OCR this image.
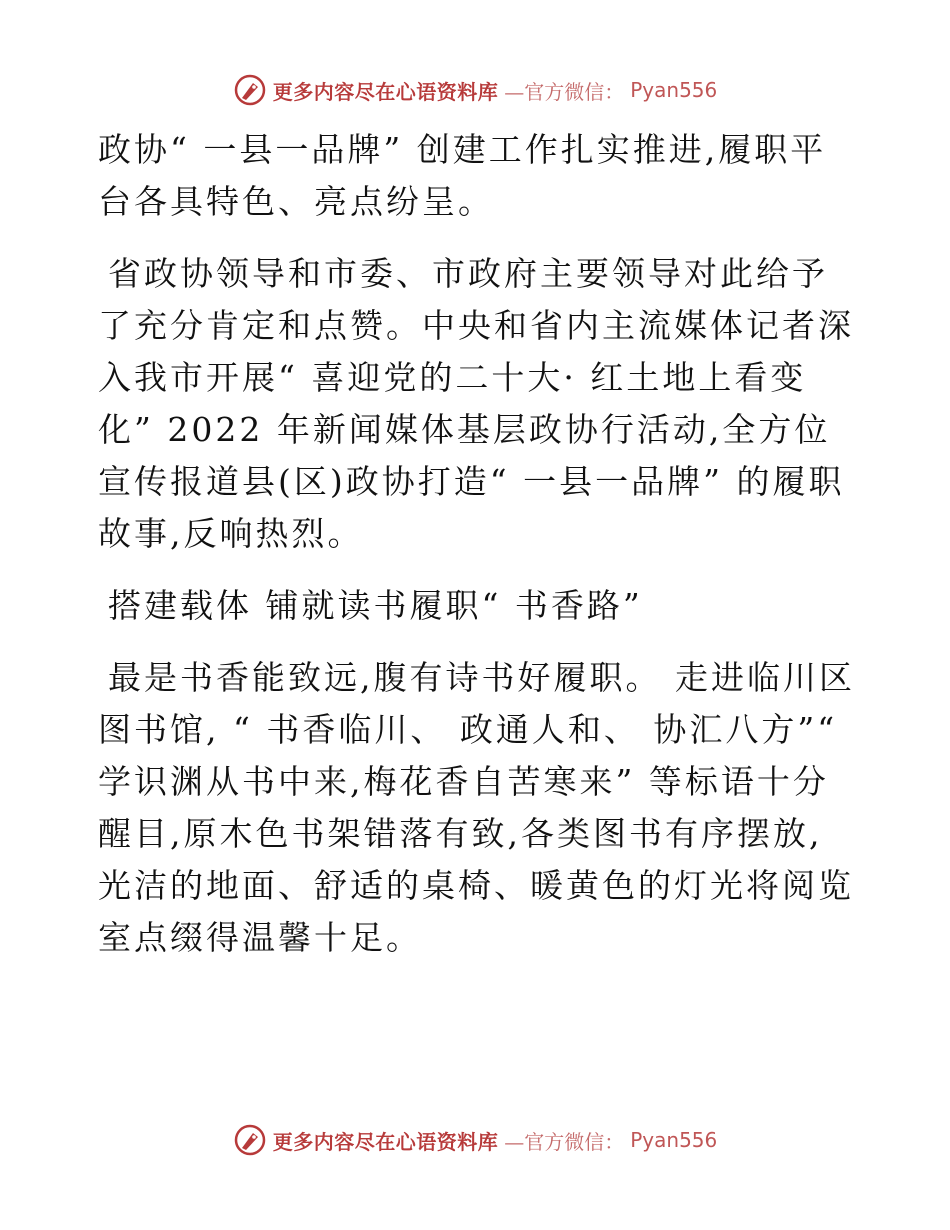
更多内容尽在心语资料库 —官方微信： Pyan556

政协“ 一县一品牌” 创建工作扎实推进,履职平台各具特色、亮点纷呈。

省政协领导和市委、市政府主要领导对此给予了充分肯定和点赞。中央和省内主流媒体记者深入我市开展“ 喜迎党的二十大· 红土地上看变化” 2022 年新闻媒体基层政协行活动,全方位宣传报道县(区)政协打造“ 一县一品牌” 的履职故事,反响热烈。

搭建载体 铺就读书履职“ 书香路”

最是书香能致远,腹有诗书好履职。 走进临川区图书馆, “ 书香临川、 政通人和、 协汇八方”“ 学识渊从书中来,梅花香自苦寒来” 等标语十分醒目,原木色书架错落有致,各类图书有序摆放,光洁的地面、舒适的桌椅、暖黄色的灯光将阅览室点缀得温馨十足。

更多内容尽在心语资料库 —官方微信： Pyan556
